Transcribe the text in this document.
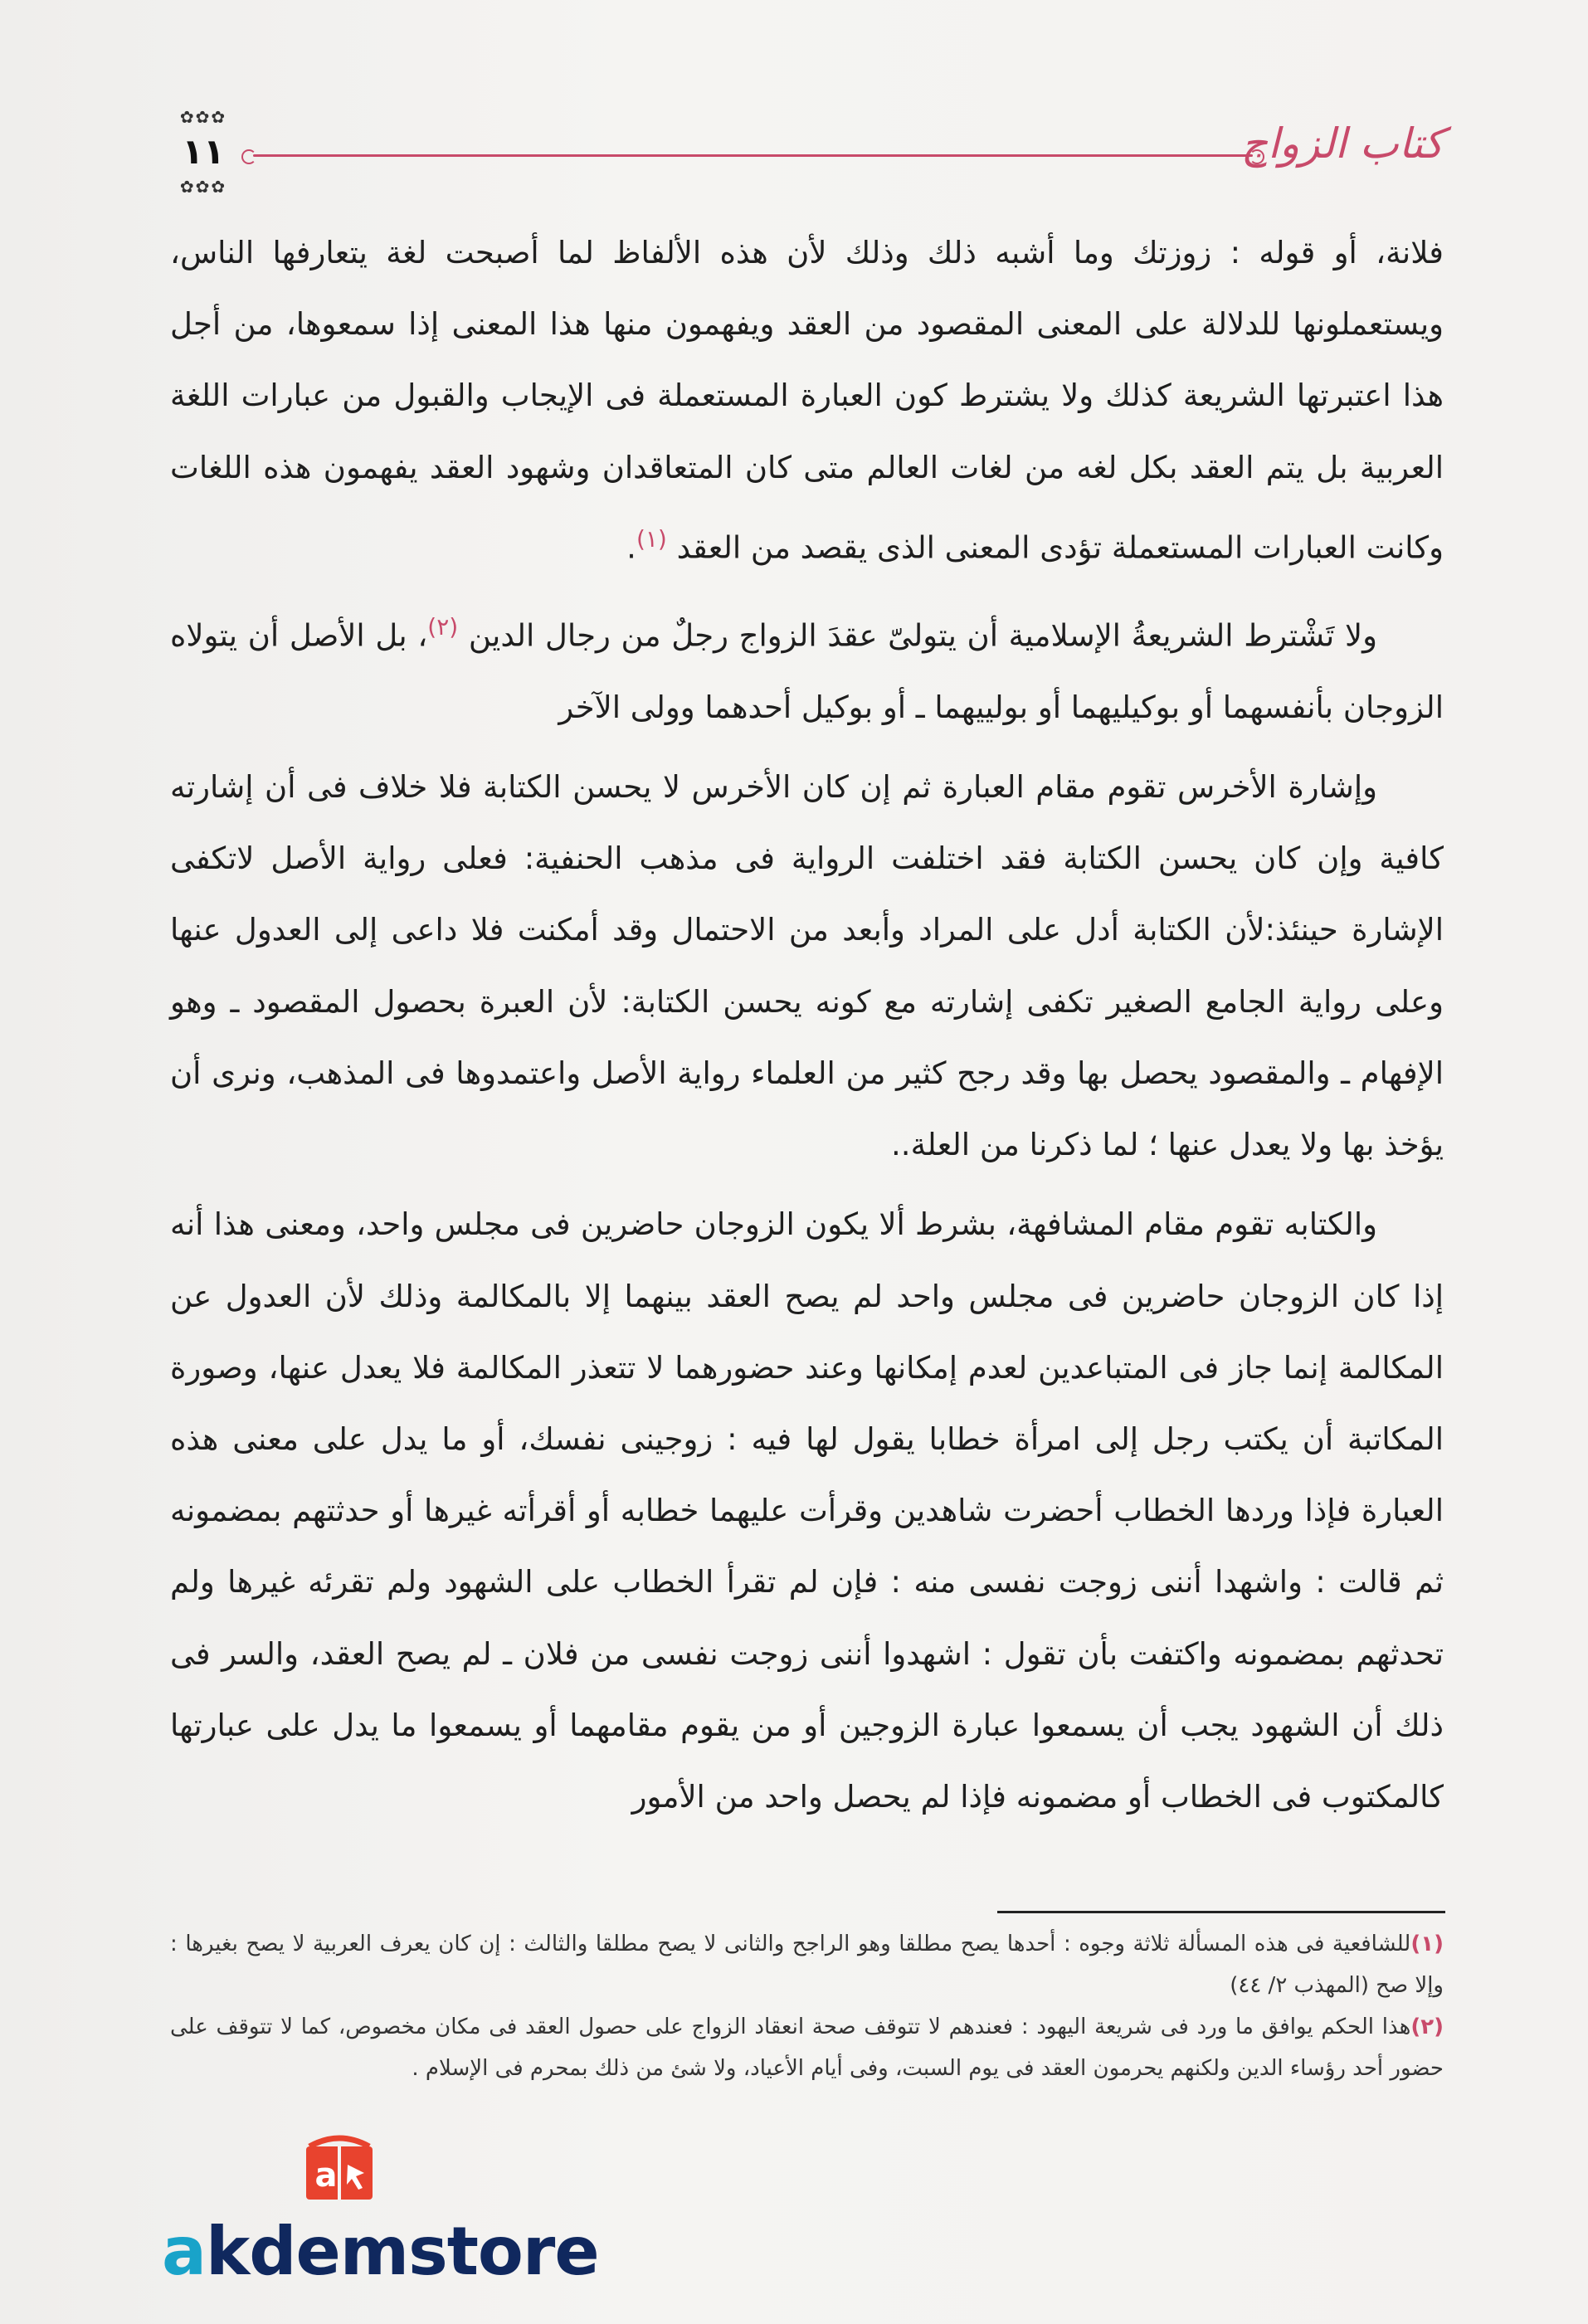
✿✿✿
١١
✿✿✿
كتاب الزواج

فلانة، أو قوله : زوزتك وما أشبه ذلك وذلك لأن هذه الألفاظ لما أصبحت لغة يتعارفها الناس، ويستعملونها للدلالة على المعنى المقصود من العقد ويفهمون منها هذا المعنى إذا سمعوها، من أجل هذا اعتبرتها الشريعة كذلك ولا يشترط كون العبارة المستعملة فى الإيجاب والقبول من عبارات اللغة العربية بل يتم العقد بكل لغه من لغات العالم متى كان المتعاقدان وشهود العقد يفهمون هذه اللغات وكانت العبارات المستعملة تؤدى المعنى الذى يقصد من العقد $^{(١)}$.

ولا تَشْترط الشريعةُ الإسلامية أن يتولىّ عقدَ الزواج رجلٌ من رجال الدين $^{(٢)}$، بل الأصل أن يتولاه الزوجان بأنفسهما أو بوكيليهما أو بولييهما ـ أو بوكيل أحدهما وولى الآخر

وإشارة الأخرس تقوم مقام العبارة ثم إن كان الأخرس لا يحسن الكتابة فلا خلاف فى أن إشارته كافية وإن كان يحسن الكتابة فقد اختلفت الرواية فى مذهب الحنفية: فعلى رواية الأصل لاتكفى الإشارة حينئذ:لأن الكتابة أدل على المراد وأبعد من الاحتمال وقد أمكنت فلا داعى إلى العدول عنها وعلى رواية الجامع الصغير تكفى إشارته مع كونه يحسن الكتابة: لأن العبرة بحصول المقصود ـ وهو الإفهام ـ والمقصود يحصل بها وقد رجح كثير من العلماء رواية الأصل واعتمدوها فى المذهب، ونرى أن يؤخذ بها ولا يعدل عنها ؛ لما ذكرنا من العلة..

والكتابه تقوم مقام المشافهة، بشرط ألا يكون الزوجان حاضرين فى مجلس واحد، ومعنى هذا أنه إذا كان الزوجان حاضرين فى مجلس واحد لم يصح العقد بينهما إلا بالمكالمة وذلك لأن العدول عن المكالمة إنما جاز فى المتباعدين لعدم إمكانها وعند حضورهما لا تتعذر المكالمة فلا يعدل عنها، وصورة المكاتبة أن يكتب رجل إلى امرأة خطابا يقول لها فيه : زوجينى نفسك، أو ما يدل على معنى هذه العبارة فإذا وردها الخطاب أحضرت شاهدين وقرأت عليهما خطابه أو أقرأته غيرها أو حدثتهم بمضمونه ثم قالت : واشهدا أننى زوجت نفسى منه : فإن لم تقرأ الخطاب على الشهود ولم تقرئه غيرها ولم تحدثهم بمضمونه واكتفت بأن تقول : اشهدوا أننى زوجت نفسى من فلان ـ لم يصح العقد، والسر فى ذلك أن الشهود يجب أن يسمعوا عبارة الزوجين أو من يقوم مقامهما أو يسمعوا ما يدل على عبارتها كالمكتوب فى الخطاب أو مضمونه فإذا لم يحصل واحد من الأمور

(١)للشافعية فى هذه المسألة ثلاثة وجوه : أحدها يصح مطلقا وهو الراجح والثانى لا يصح مطلقا والثالث : إن كان يعرف العربية لا يصح بغيرها : وإلا صح (المهذب ٢/ ٤٤)
(٢)هذا الحكم يوافق ما ورد فى شريعة اليهود : فعندهم لا تتوقف صحة انعقاد الزواج على حصول العقد فى مكان مخصوص، كما لا تتوقف على حضور أحد رؤساء الدين ولكنهم يحرمون العقد فى يوم السبت، وفى أيام الأعياد، ولا شئ من ذلك بمحرم فى الإسلام .
a
akdemstore
